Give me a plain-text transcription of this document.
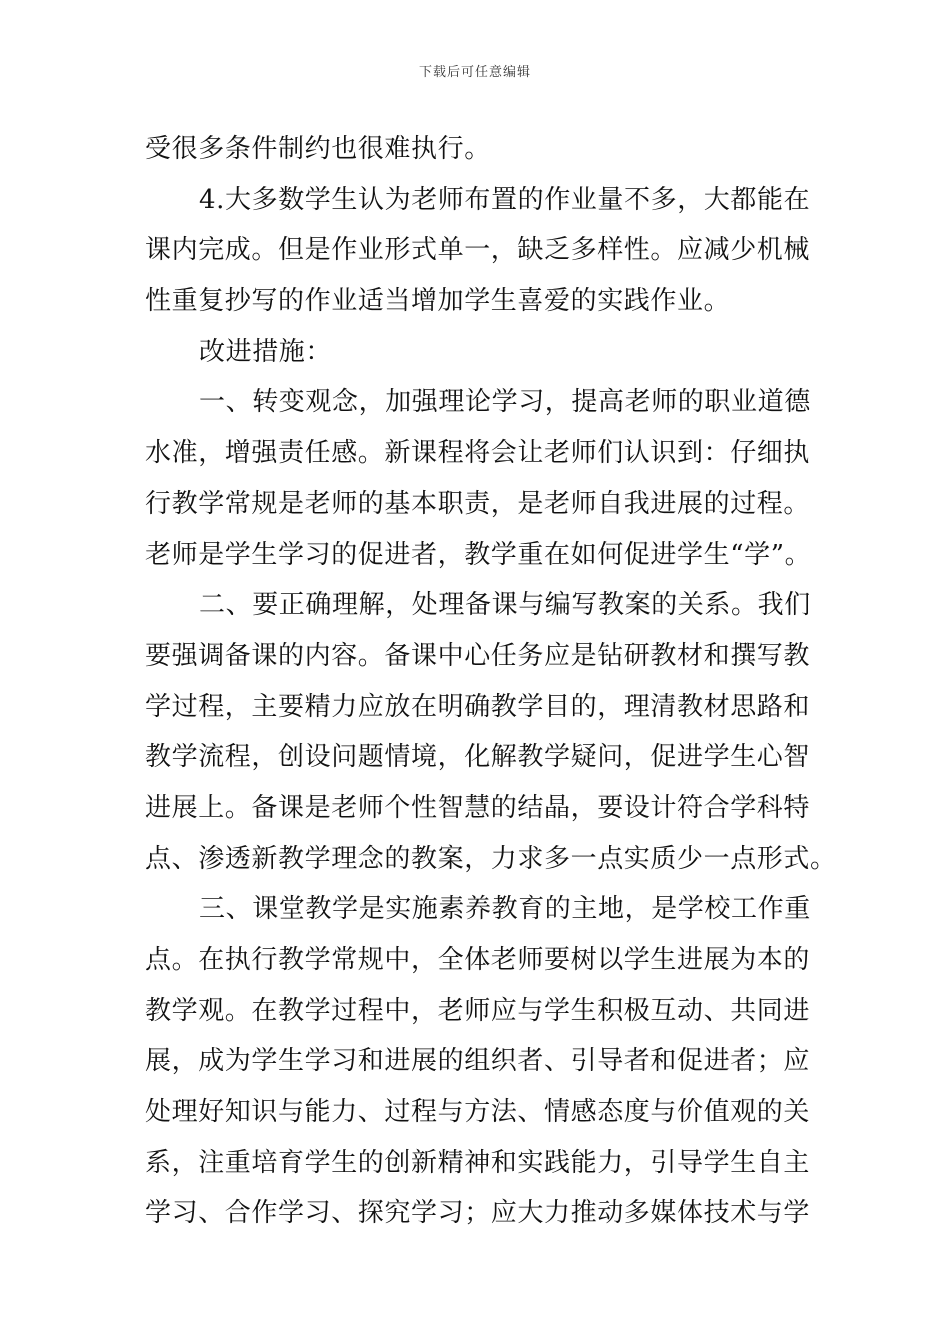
下载后可任意编辑
受很多条件制约也很难执行。
4.大多数学生认为老师布置的作业量不多，大都能在
课内完成。但是作业形式单一，缺乏多样性。应减少机械
性重复抄写的作业适当增加学生喜爱的实践作业。
改进措施：
一、转变观念，加强理论学习，提高老师的职业道德
水准，增强责任感。新课程将会让老师们认识到：仔细执
行教学常规是老师的基本职责，是老师自我进展的过程。
老师是学生学习的促进者，教学重在如何促进学生“学”。
二、要正确理解，处理备课与编写教案的关系。我们
要强调备课的内容。备课中心任务应是钻研教材和撰写教
学过程，主要精力应放在明确教学目的，理清教材思路和
教学流程，创设问题情境，化解教学疑问，促进学生心智
进展上。备课是老师个性智慧的结晶，要设计符合学科特
点、渗透新教学理念的教案，力求多一点实质少一点形式。
三、课堂教学是实施素养教育的主地，是学校工作重
点。在执行教学常规中，全体老师要树以学生进展为本的
教学观。在教学过程中，老师应与学生积极互动、共同进
展，成为学生学习和进展的组织者、引导者和促进者；应
处理好知识与能力、过程与方法、情感态度与价值观的关
系，注重培育学生的创新精神和实践能力，引导学生自主
学习、合作学习、探究学习；应大力推动多媒体技术与学
